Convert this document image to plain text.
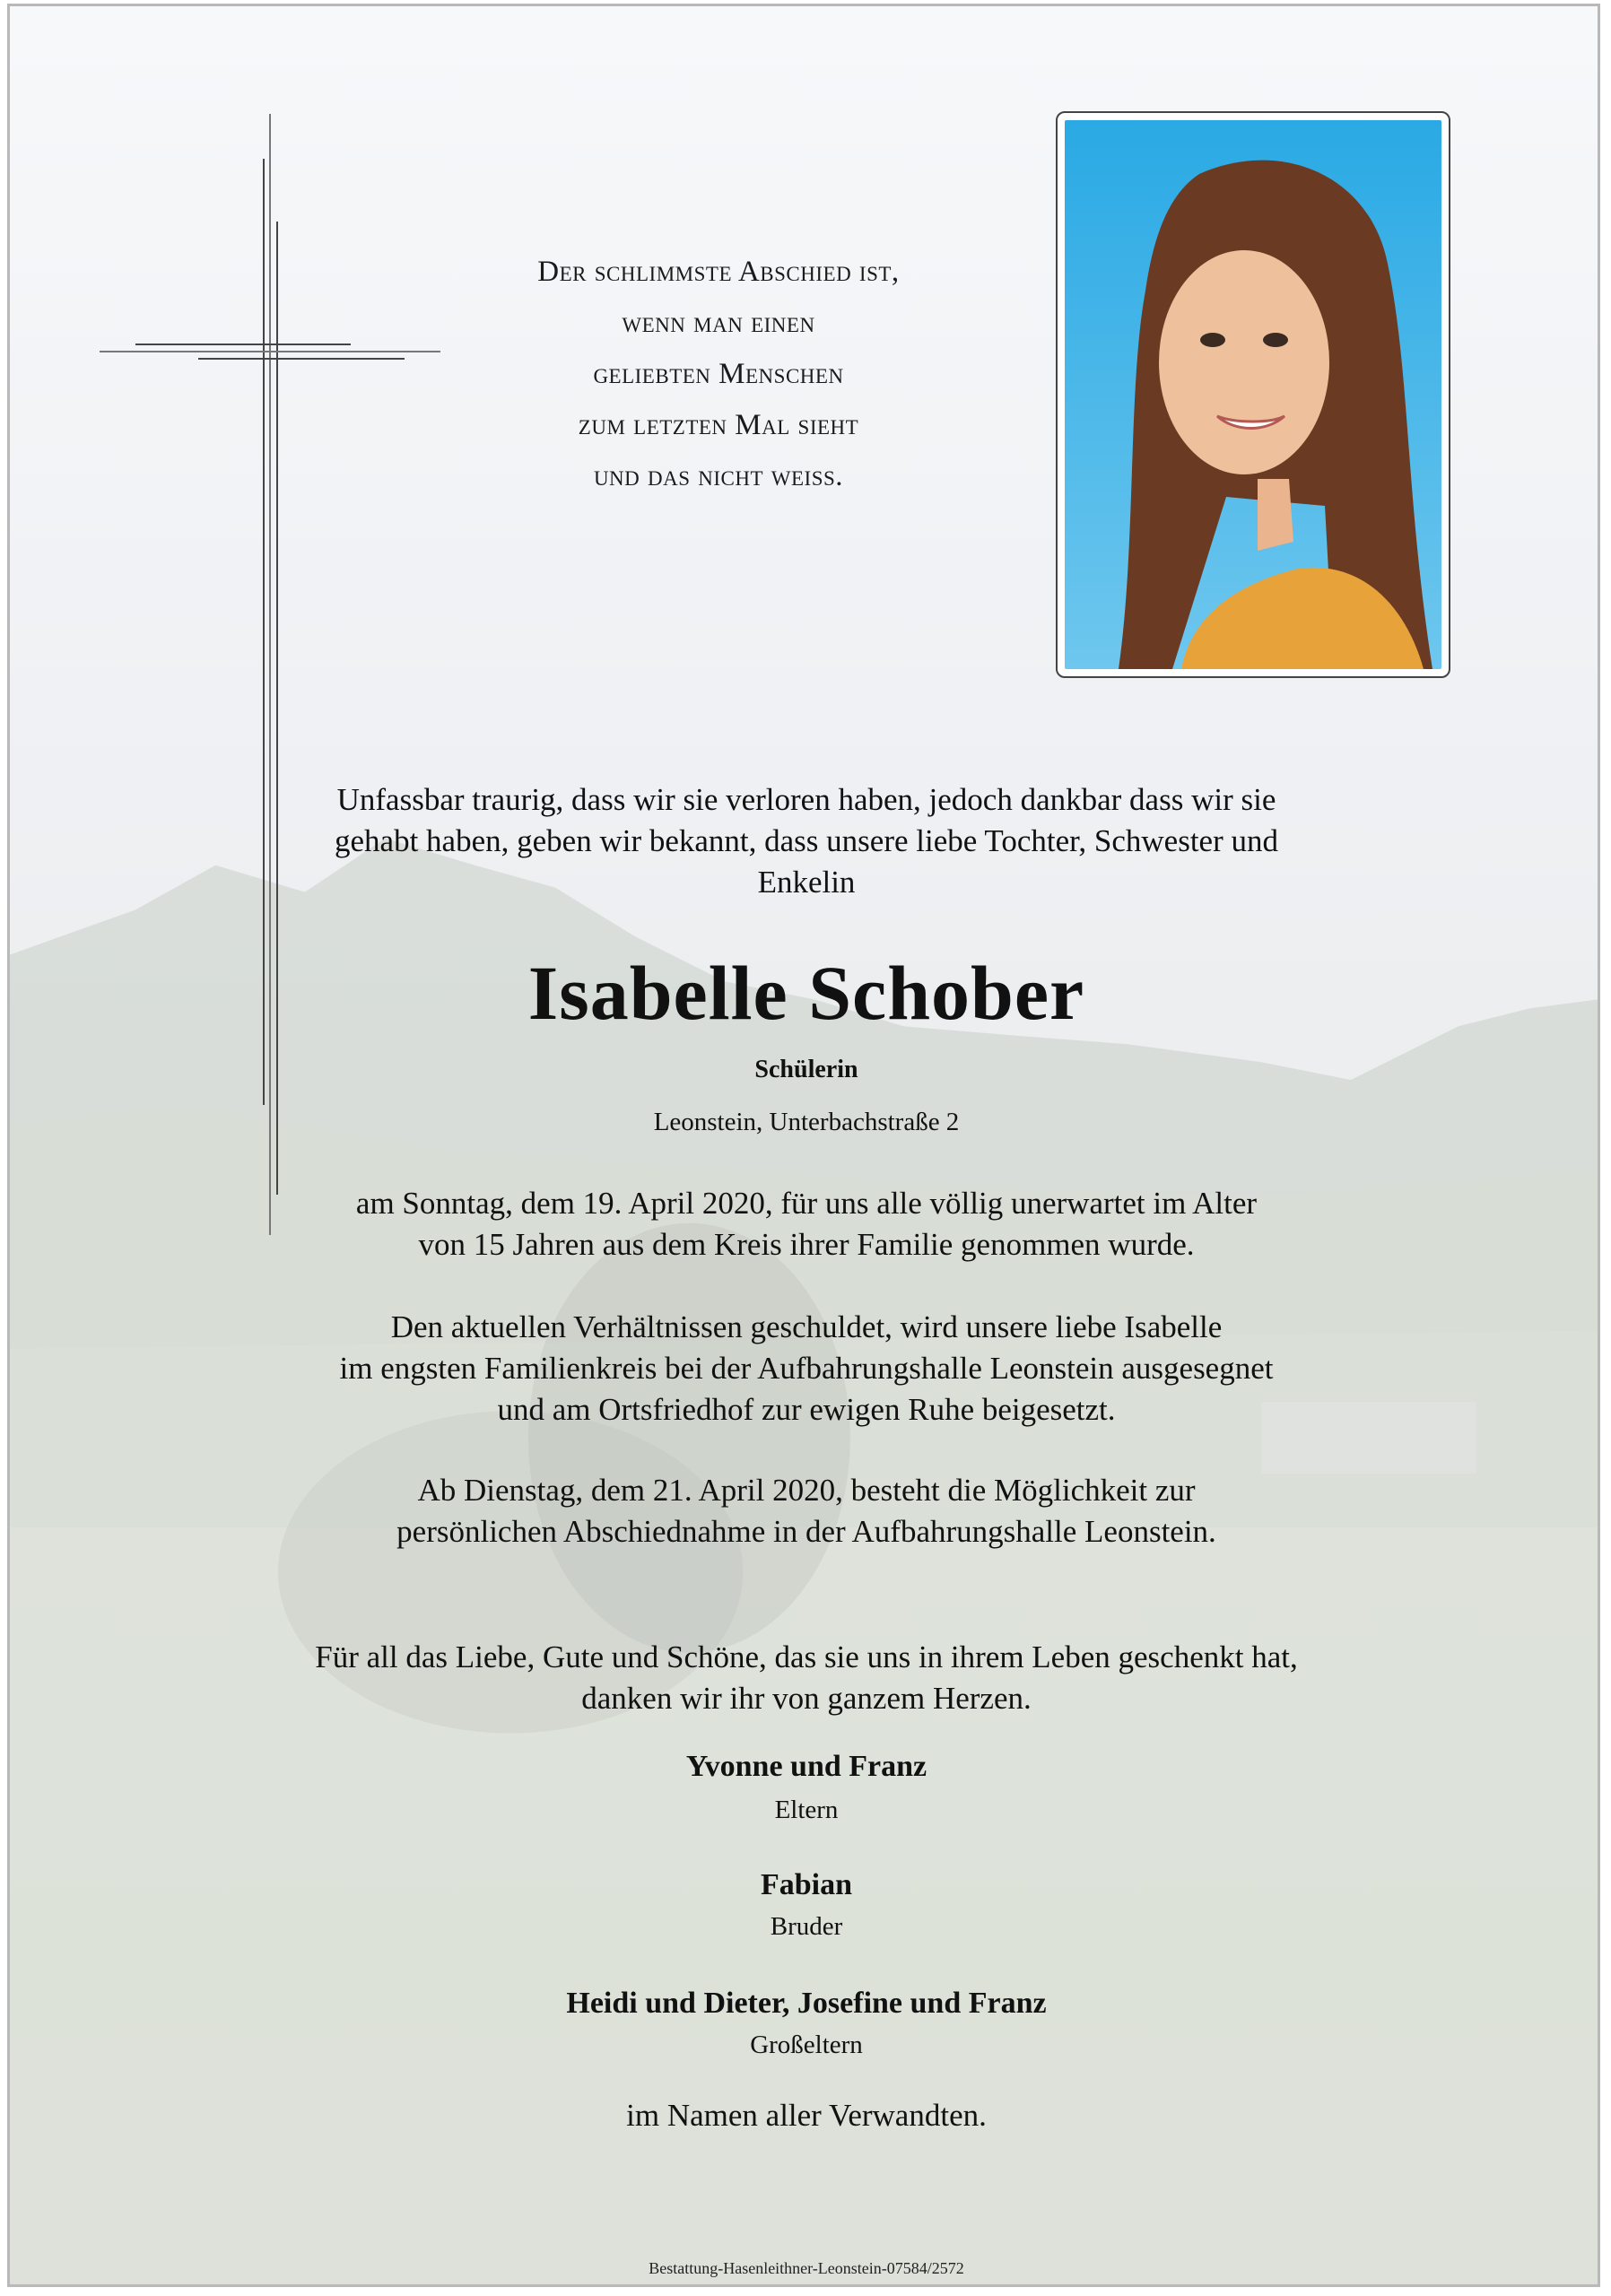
Der schlimmste Abschied ist,
wenn man einen
geliebten Menschen
zum letzten Mal sieht
und das nicht weiss.
Unfassbar traurig, dass wir sie verloren haben, jedoch dankbar dass wir sie
gehabt haben, geben wir bekannt, dass unsere liebe Tochter, Schwester und
Enkelin
Isabelle Schober
Schülerin
Leonstein, Unterbachstraße 2
am Sonntag, dem 19. April 2020, für uns alle völlig unerwartet im Alter
von 15 Jahren aus dem Kreis ihrer Familie genommen wurde.
Den aktuellen Verhältnissen geschuldet, wird unsere liebe Isabelle
im engsten Familienkreis bei der Aufbahrungshalle Leonstein ausgesegnet
und am Ortsfriedhof zur ewigen Ruhe beigesetzt.
Ab Dienstag, dem 21. April 2020, besteht die Möglichkeit zur
persönlichen Abschiednahme in der Aufbahrungshalle Leonstein.
Für all das Liebe, Gute und Schöne, das sie uns in ihrem Leben geschenkt hat,
danken wir ihr von ganzem Herzen.
Yvonne und Franz
Eltern
Fabian
Bruder
Heidi und Dieter, Josefine und Franz
Großeltern
im Namen aller Verwandten.
Bestattung-Hasenleithner-Leonstein-07584/2572
